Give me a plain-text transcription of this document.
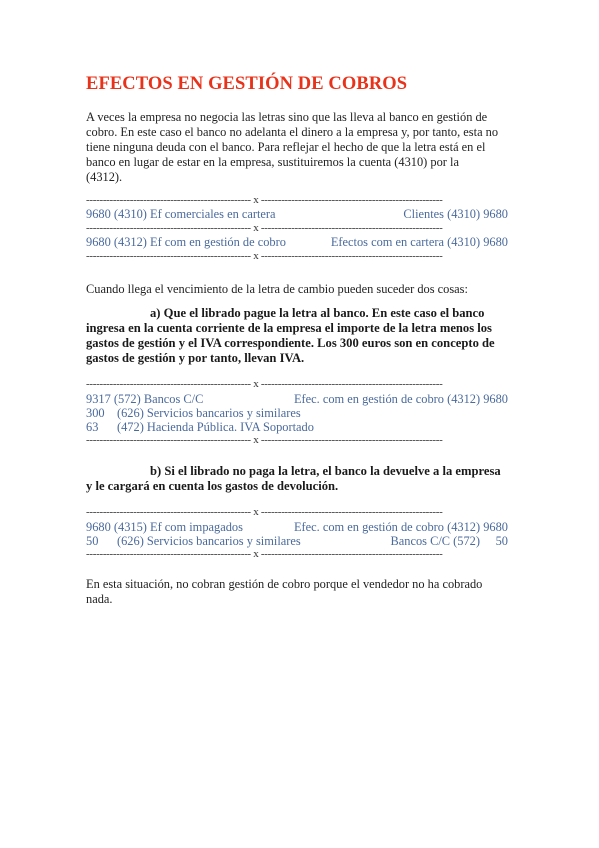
EFECTOS EN GESTIÓN DE COBROS
A veces la empresa no negocia las letras sino que las lleva al banco en gestión de
cobro. En este caso el banco no adelanta el dinero a la empresa y, por tanto, esta no
tiene ninguna deuda con el banco. Para reflejar el hecho de que la letra está en el
banco en lugar de estar en la empresa, sustituiremos la cuenta (4310) por la
(4312).
------------------------------------------------- x ------------------------------------------------------
9680 (4310) Ef comerciales en cartera	Clientes (4310) 9680
------------------------------------------------- x ------------------------------------------------------
9680 (4312) Ef com en gestión de cobro	Efectos com en cartera (4310) 9680
------------------------------------------------- x ------------------------------------------------------
Cuando llega el vencimiento de la letra de cambio pueden suceder dos cosas:
a) Que el librado pague la letra al banco. En este caso el banco
ingresa en la cuenta corriente de la empresa el importe de la letra menos los
gastos de gestión y el IVA correspondiente. Los 300 euros son en concepto de
gastos de gestión y por tanto, llevan IVA.
------------------------------------------------- x ------------------------------------------------------
9317 (572) Bancos C/C	Efec. com en gestión de cobro (4312) 9680
300    (626) Servicios bancarios y similares
63      (472) Hacienda Pública. IVA Soportado
------------------------------------------------- x ------------------------------------------------------
b) Si el librado no paga la letra, el banco la devuelve a la empresa
y le cargará en cuenta los gastos de devolución.
------------------------------------------------- x ------------------------------------------------------
9680 (4315) Ef com impagados	Efec. com en gestión de cobro (4312) 9680
50      (626) Servicios bancarios y similares	Bancos C/C (572) 50
------------------------------------------------- x ------------------------------------------------------
En esta situación, no cobran gestión de cobro porque el vendedor no ha cobrado
nada.
